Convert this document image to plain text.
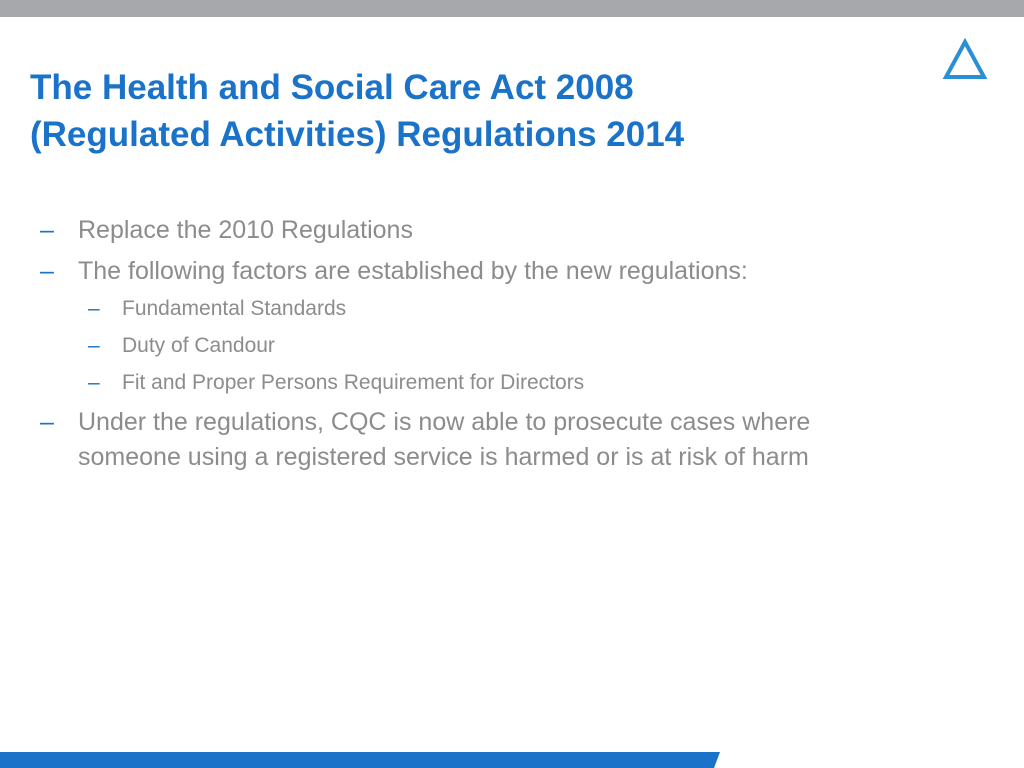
The Health and Social Care Act 2008
(Regulated Activities) Regulations 2014
– Replace the 2010 Regulations
– The following factors are established by the new regulations:
– Fundamental Standards
– Duty of Candour
– Fit and Proper Persons Requirement for Directors
– Under the regulations, CQC is now able to prosecute cases where
someone using a registered service is harmed or is at risk of harm
